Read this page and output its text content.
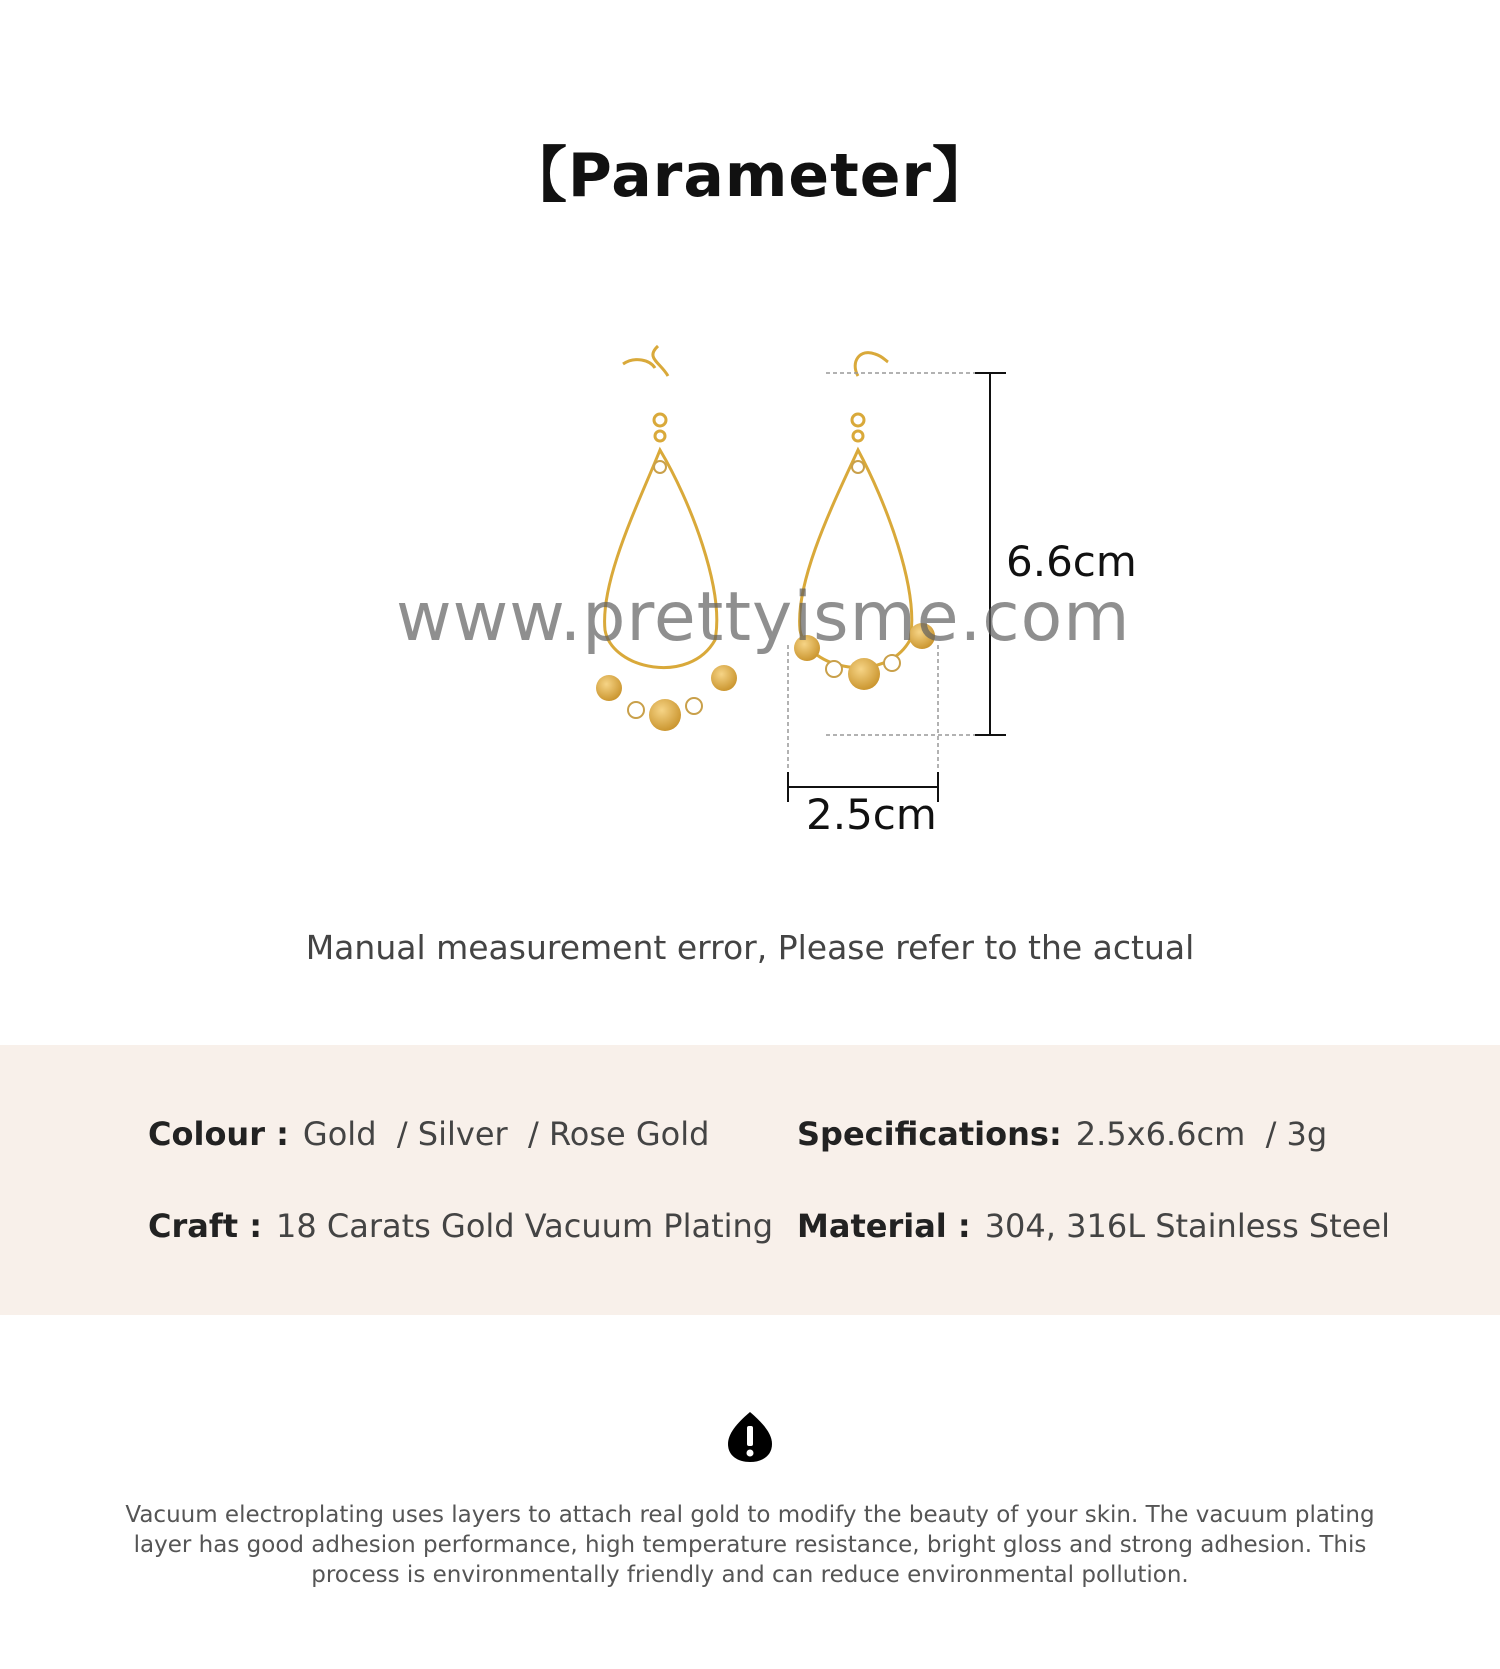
【Parameter】
6.6cm
2.5cm
www.prettyisme.com
Manual measurement error, Please refer to the actual
Colour : Gold  / Silver  / Rose Gold	Specifications: 2.5x6.6cm  / 3g
Craft : 18 Carats Gold Vacuum Plating Material : 304, 316L Stainless Steel
Vacuum electroplating uses layers to attach real gold to modify the beauty of your skin. The vacuum plating layer has good adhesion performance, high temperature resistance, bright gloss and strong adhesion. This process is environmentally friendly and can reduce environmental pollution.
